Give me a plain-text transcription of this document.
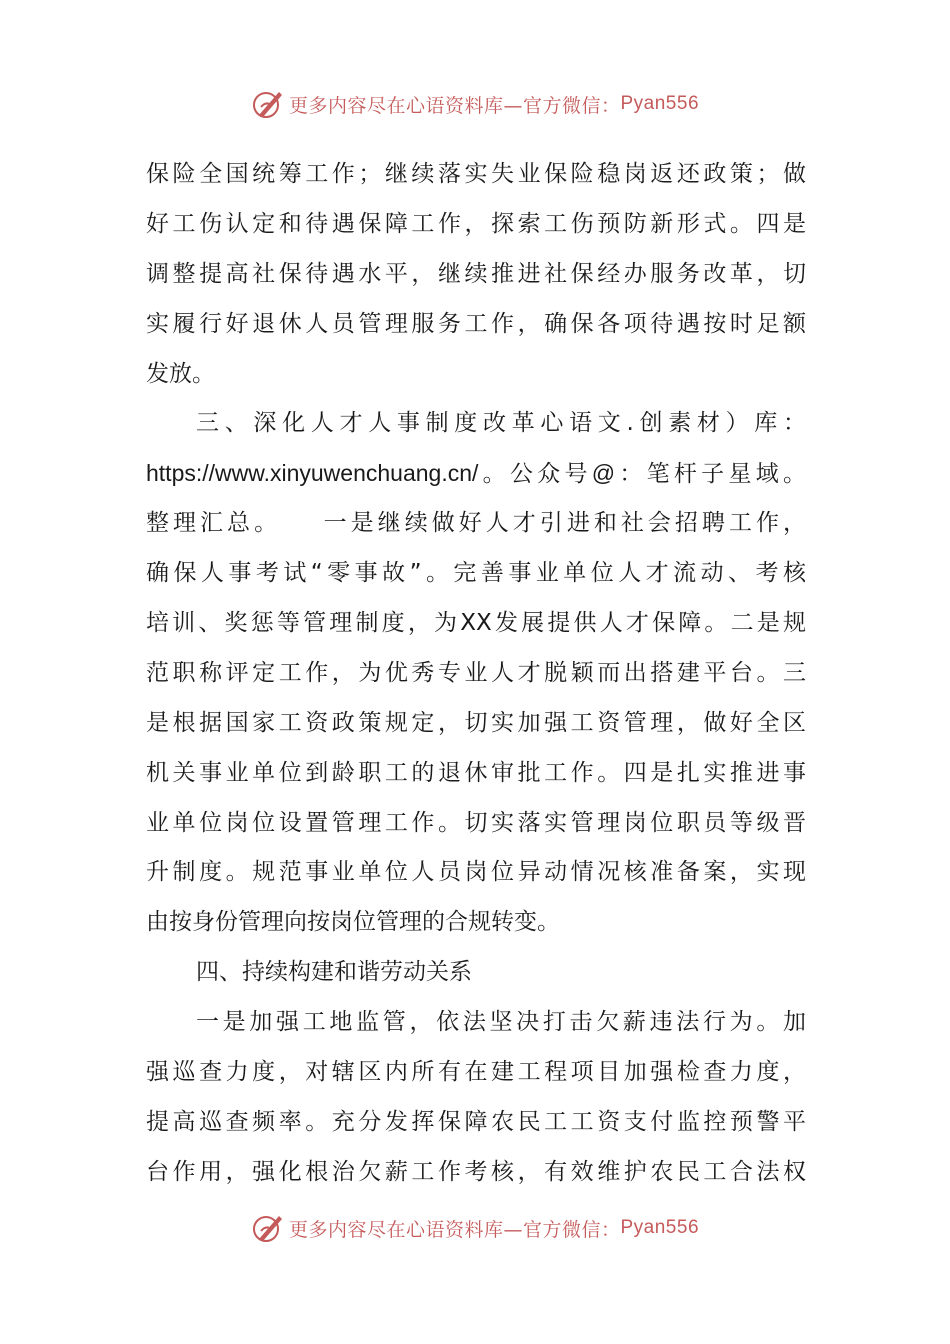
更多内容尽在心语资料库—官方微信： Pyan556
保险全国统筹工作；继续落实失业保险稳岗返还政策；做
好工伤认定和待遇保障工作，探索工伤预防新形式。四是
调整提高社保待遇水平，继续推进社保经办服务改革，切
实履行好退休人员管理服务工作，确保各项待遇按时足额
发放。
三、深化人才人事制度改革心语文.创素材）库：
https://www.xinyuwenchuang.cn/。公众号@：笔杆子星域。
整理汇总。　　一是继续做好人才引进和社会招聘工作，
确保人事考试“零事故”。完善事业单位人才流动、考核
培训、奖惩等管理制度，为XX发展提供人才保障。二是规
范职称评定工作，为优秀专业人才脱颖而出搭建平台。三
是根据国家工资政策规定，切实加强工资管理，做好全区
机关事业单位到龄职工的退休审批工作。四是扎实推进事
业单位岗位设置管理工作。切实落实管理岗位职员等级晋
升制度。规范事业单位人员岗位异动情况核准备案，实现
由按身份管理向按岗位管理的合规转变。
四、持续构建和谐劳动关系
一是加强工地监管，依法坚决打击欠薪违法行为。加
强巡查力度，对辖区内所有在建工程项目加强检查力度，
提高巡查频率。充分发挥保障农民工工资支付监控预警平
台作用，强化根治欠薪工作考核，有效维护农民工合法权
更多内容尽在心语资料库—官方微信： Pyan556
